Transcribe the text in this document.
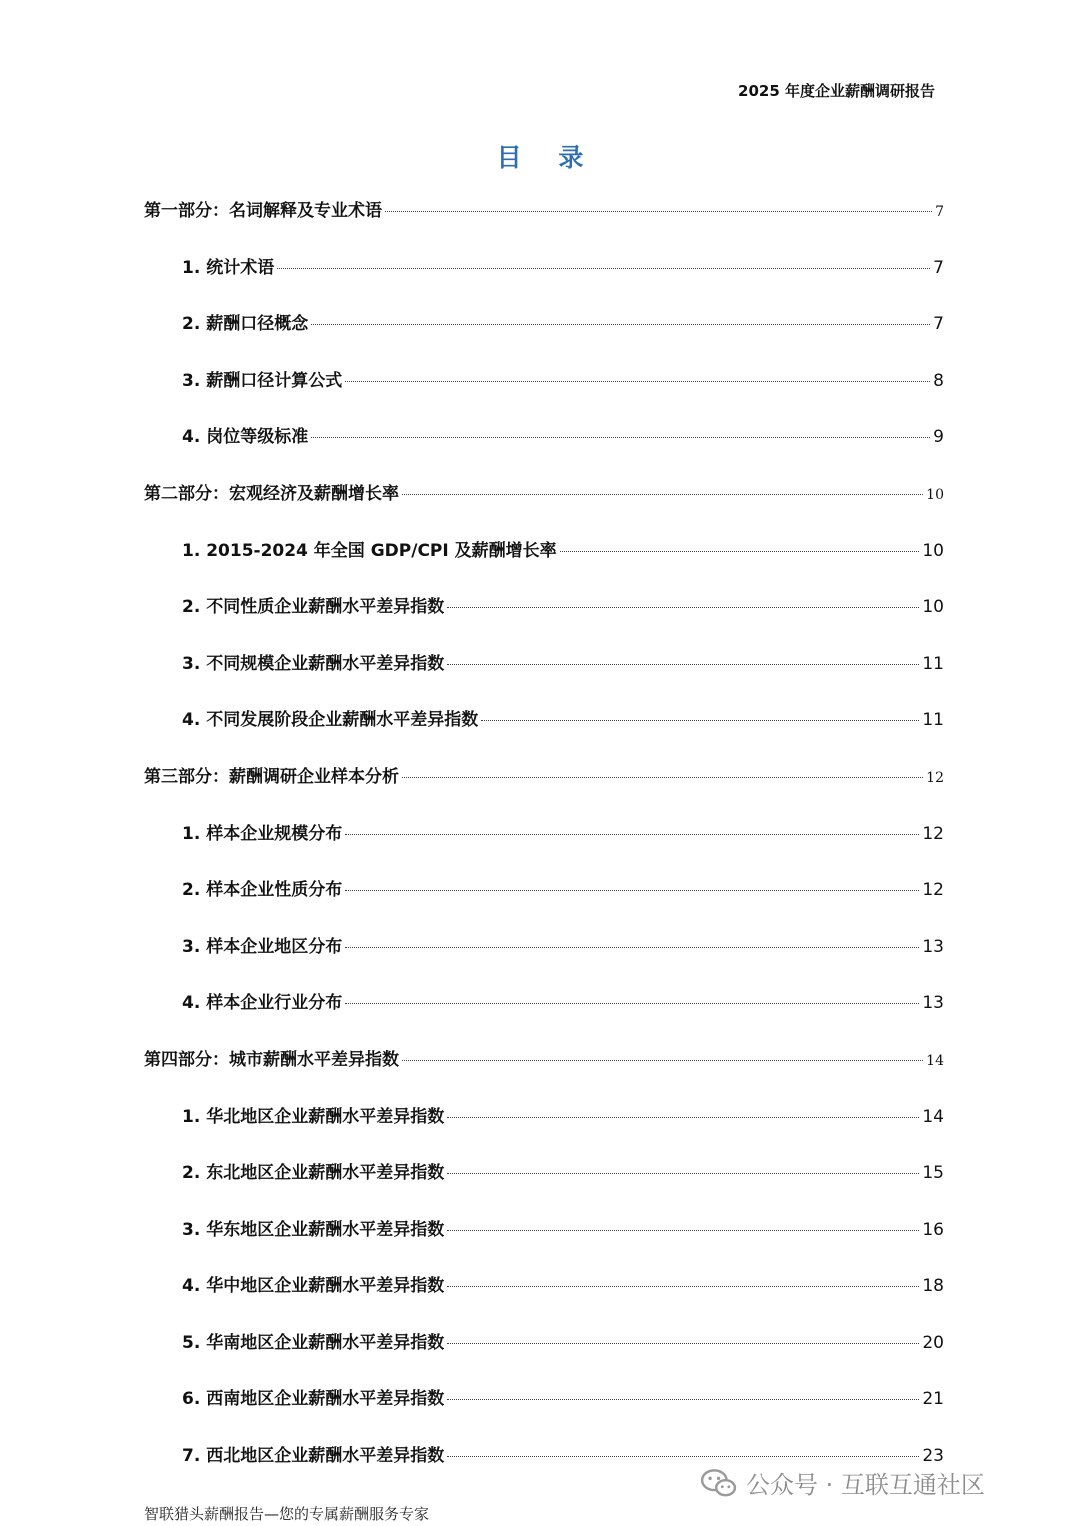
2025 年度企业薪酬调研报告
目 录
第一部分：名词解释及专业术语	7
1. 统计术语	7
2. 薪酬口径概念	7
3. 薪酬口径计算公式	8
4. 岗位等级标准	9
第二部分：宏观经济及薪酬增长率	10
1. 2015-2024 年全国 GDP/CPI 及薪酬增长率	10
2. 不同性质企业薪酬水平差异指数	10
3. 不同规模企业薪酬水平差异指数	11
4. 不同发展阶段企业薪酬水平差异指数	11
第三部分：薪酬调研企业样本分析	12
1. 样本企业规模分布	12
2. 样本企业性质分布	12
3. 样本企业地区分布	13
4. 样本企业行业分布	13
第四部分：城市薪酬水平差异指数	14
1. 华北地区企业薪酬水平差异指数	14
2. 东北地区企业薪酬水平差异指数	15
3. 华东地区企业薪酬水平差异指数	16
4. 华中地区企业薪酬水平差异指数	18
5. 华南地区企业薪酬水平差异指数	20
6. 西南地区企业薪酬水平差异指数	21
7. 西北地区企业薪酬水平差异指数	23
智联猎头薪酬报告—您的专属薪酬服务专家
公众号 · 互联互通社区
